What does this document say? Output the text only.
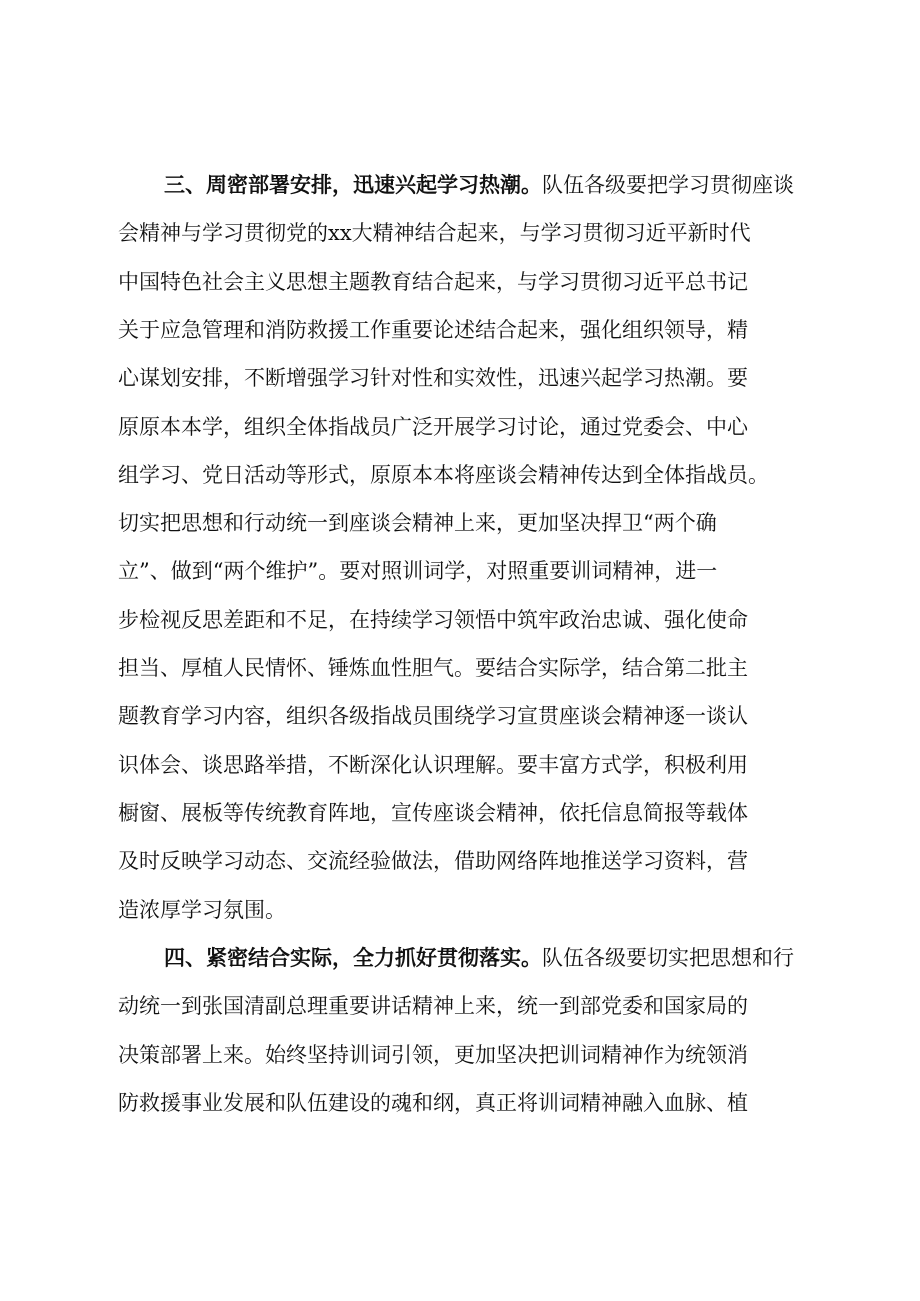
三、周密部署安排，迅速兴起学习热潮。队伍各级要把学习贯彻座谈
会精神与学习贯彻党的xx大精神结合起来，与学习贯彻习近平新时代
中国特色社会主义思想主题教育结合起来，与学习贯彻习近平总书记
关于应急管理和消防救援工作重要论述结合起来，强化组织领导，精
心谋划安排，不断增强学习针对性和实效性，迅速兴起学习热潮。要
原原本本学，组织全体指战员广泛开展学习讨论，通过党委会、中心
组学习、党日活动等形式，原原本本将座谈会精神传达到全体指战员。
切实把思想和行动统一到座谈会精神上来，更加坚决捍卫“两个确
立”、做到“两个维护”。要对照训词学，对照重要训词精神，进一
步检视反思差距和不足，在持续学习领悟中筑牢政治忠诚、强化使命
担当、厚植人民情怀、锤炼血性胆气。要结合实际学，结合第二批主
题教育学习内容，组织各级指战员围绕学习宣贯座谈会精神逐一谈认
识体会、谈思路举措，不断深化认识理解。要丰富方式学，积极利用
橱窗、展板等传统教育阵地，宣传座谈会精神，依托信息简报等载体
及时反映学习动态、交流经验做法，借助网络阵地推送学习资料，营
造浓厚学习氛围。
四、紧密结合实际，全力抓好贯彻落实。队伍各级要切实把思想和行
动统一到张国清副总理重要讲话精神上来，统一到部党委和国家局的
决策部署上来。始终坚持训词引领，更加坚决把训词精神作为统领消
防救援事业发展和队伍建设的魂和纲，真正将训词精神融入血脉、植
